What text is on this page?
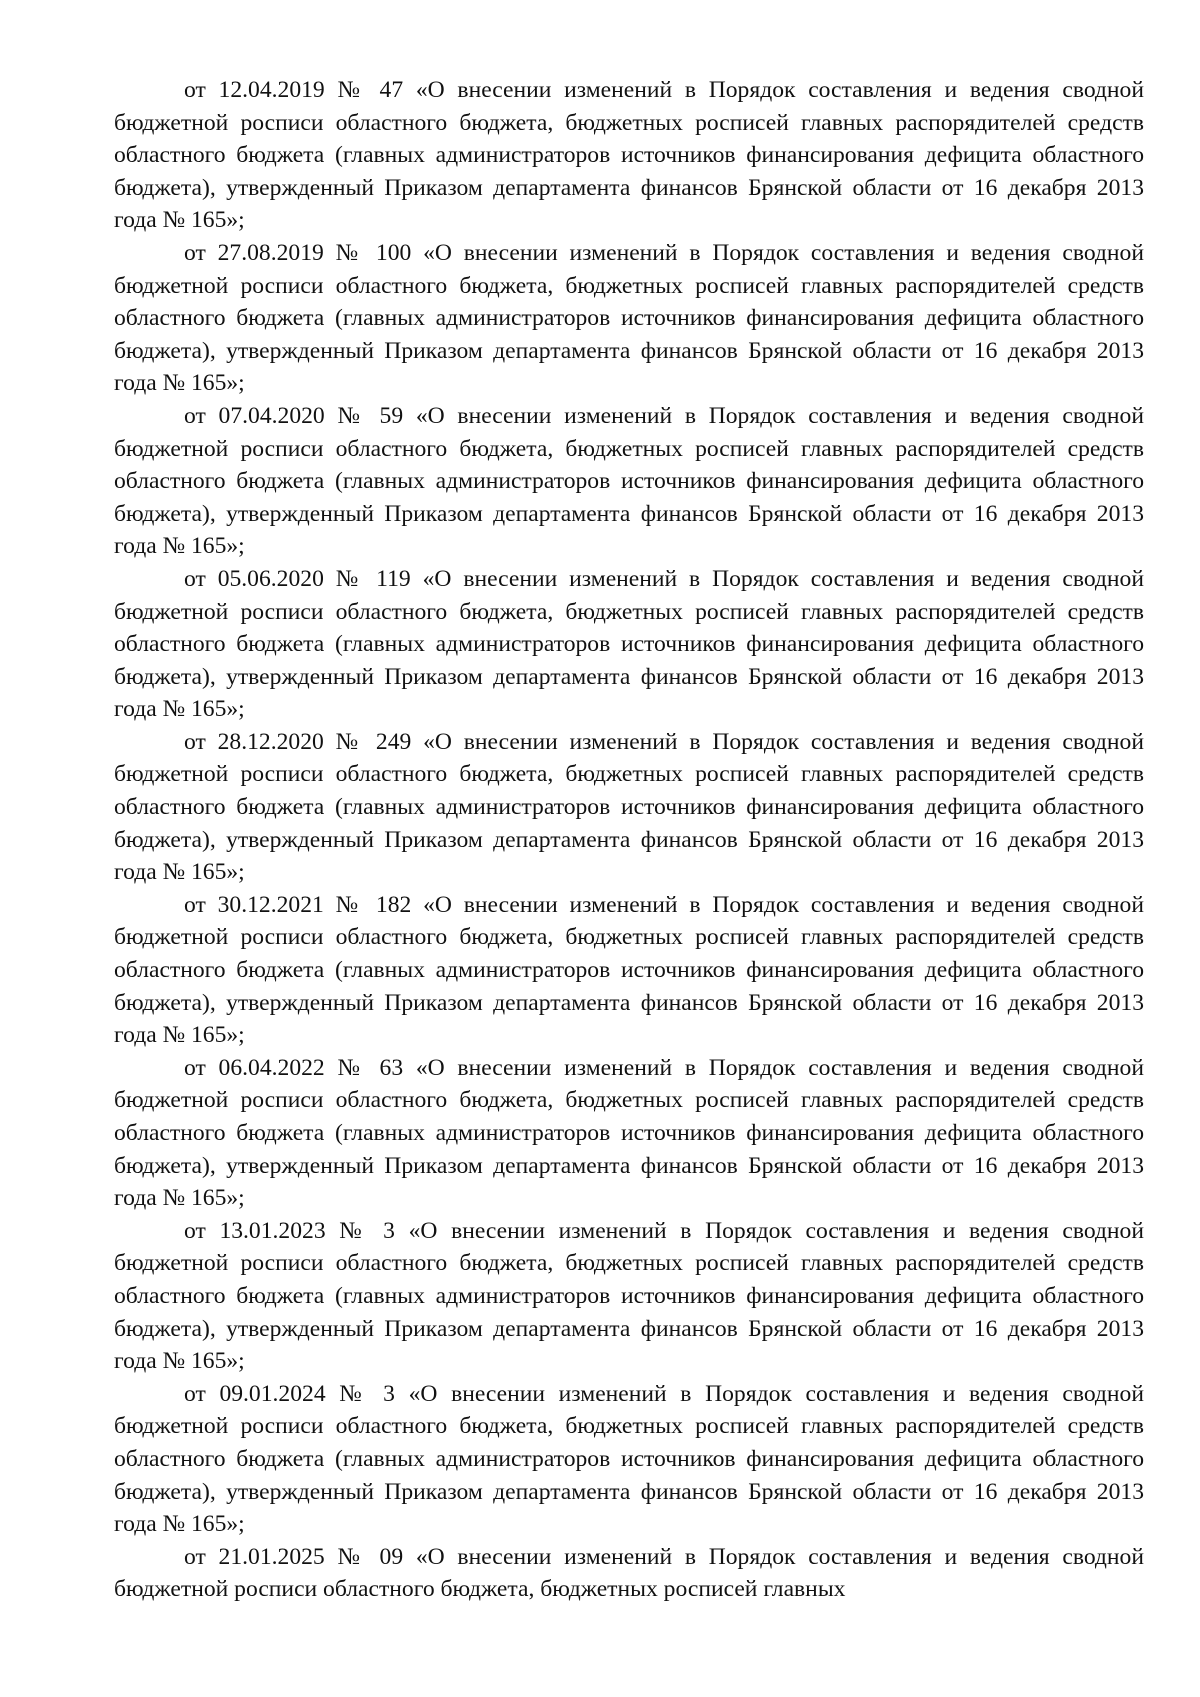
от 12.04.2019 № 47 «О внесении изменений в Порядок составления и ведения сводной бюджетной росписи областного бюджета, бюджетных росписей главных распорядителей средств областного бюджета (главных администраторов источников финансирования дефицита областного бюджета), утвержденный Приказом департамента финансов Брянской области от 16 декабря 2013 года № 165»;

от 27.08.2019 № 100 «О внесении изменений в Порядок составления и ведения сводной бюджетной росписи областного бюджета, бюджетных росписей главных распорядителей средств областного бюджета (главных администраторов источников финансирования дефицита областного бюджета), утвержденный Приказом департамента финансов Брянской области от 16 декабря 2013 года № 165»;

от 07.04.2020 № 59 «О внесении изменений в Порядок составления и ведения сводной бюджетной росписи областного бюджета, бюджетных росписей главных распорядителей средств областного бюджета (главных администраторов источников финансирования дефицита областного бюджета), утвержденный Приказом департамента финансов Брянской области от 16 декабря 2013 года № 165»;

от 05.06.2020 № 119 «О внесении изменений в Порядок составления и ведения сводной бюджетной росписи областного бюджета, бюджетных росписей главных распорядителей средств областного бюджета (главных администраторов источников финансирования дефицита областного бюджета), утвержденный Приказом департамента финансов Брянской области от 16 декабря 2013 года № 165»;

от 28.12.2020 № 249 «О внесении изменений в Порядок составления и ведения сводной бюджетной росписи областного бюджета, бюджетных росписей главных распорядителей средств областного бюджета (главных администраторов источников финансирования дефицита областного бюджета), утвержденный Приказом департамента финансов Брянской области от 16 декабря 2013 года № 165»;

от 30.12.2021 № 182 «О внесении изменений в Порядок составления и ведения сводной бюджетной росписи областного бюджета, бюджетных росписей главных распорядителей средств областного бюджета (главных администраторов источников финансирования дефицита областного бюджета), утвержденный Приказом департамента финансов Брянской области от 16 декабря 2013 года № 165»;

от 06.04.2022 № 63 «О внесении изменений в Порядок составления и ведения сводной бюджетной росписи областного бюджета, бюджетных росписей главных распорядителей средств областного бюджета (главных администраторов источников финансирования дефицита областного бюджета), утвержденный Приказом департамента финансов Брянской области от 16 декабря 2013 года № 165»;

от 13.01.2023 № 3 «О внесении изменений в Порядок составления и ведения сводной бюджетной росписи областного бюджета, бюджетных росписей главных распорядителей средств областного бюджета (главных администраторов источников финансирования дефицита областного бюджета), утвержденный Приказом департамента финансов Брянской области от 16 декабря 2013 года № 165»;

от 09.01.2024 № 3 «О внесении изменений в Порядок составления и ведения сводной бюджетной росписи областного бюджета, бюджетных росписей главных распорядителей средств областного бюджета (главных администраторов источников финансирования дефицита областного бюджета), утвержденный Приказом департамента финансов Брянской области от 16 декабря 2013 года № 165»;

от 21.01.2025 № 09 «О внесении изменений в Порядок составления и ведения сводной бюджетной росписи областного бюджета, бюджетных росписей главных
